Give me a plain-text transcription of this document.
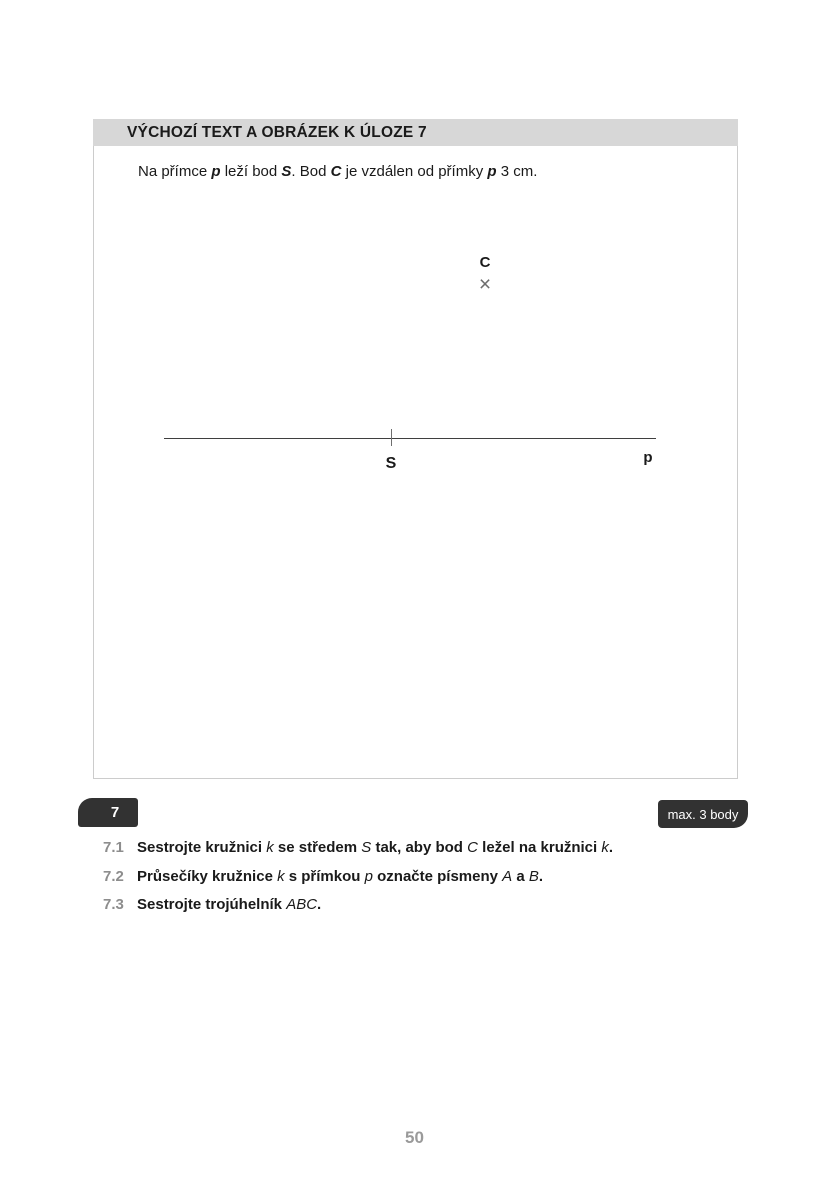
VÝCHOZÍ TEXT A OBRÁZEK K ÚLOZE 7
Na přímce p leží bod S. Bod C je vzdálen od přímky p 3 cm.
C
×
S	p
7	max. 3 body
7.1 Sestrojte kružnici k se středem S tak, aby bod C ležel na kružnici k.
7.2 Průsečíky kružnice k s přímkou p označte písmeny A a B.
7.3 Sestrojte trojúhelník ABC.
50
